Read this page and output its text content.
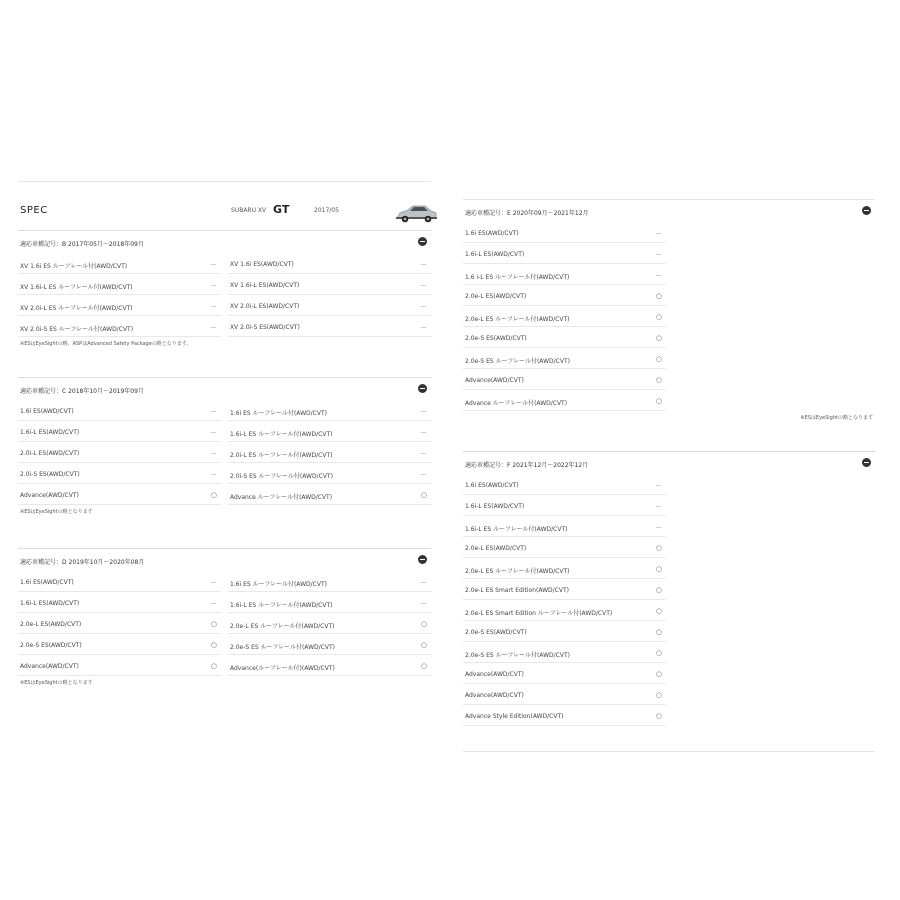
SPEC	SUBARU XV GT	2017/05
適応車種記号：B 2017年05月～2018年09月
XV 1.6i ES ルーフレール付(AWD/CVT)	－ XV 1.6i ES(AWD/CVT)	－
XV 1.6i-L ES ルーフレール付(AWD/CVT)	－ XV 1.6i-L ES(AWD/CVT)	－
XV 2.0i-L ES ルーフレール付(AWD/CVT)	－ XV 2.0i-L ES(AWD/CVT)	－
XV 2.0i-S ES ルーフレール付(AWD/CVT)	－ XV 2.0i-S ES(AWD/CVT)	－
※ESはEyeSightの略、ASPはAdvanced Safety Packageの略となります。
適応車種記号：C 2018年10月～2019年09月
1.6i ES(AWD/CVT)	－ 1.6i ES ルーフレール付(AWD/CVT)	－
1.6i-L ES(AWD/CVT)	－ 1.6i-L ES ルーフレール付(AWD/CVT)	－
2.0i-L ES(AWD/CVT)	－ 2.0i-L ES ルーフレール付(AWD/CVT)	－
2.0i-S ES(AWD/CVT)	－ 2.0i-S ES ルーフレール付(AWD/CVT)	－
Advance(AWD/CVT)	○ Advance ルーフレール付(AWD/CVT)	○
※ESはEyeSightの略となります
適応車種記号：D 2019年10月～2020年08月
1.6i ES(AWD/CVT)	－ 1.6i ES ルーフレール付(AWD/CVT)	－
1.6i-L ES(AWD/CVT)	－ 1.6i-L ES ルーフレール付(AWD/CVT)	－
2.0e-L ES(AWD/CVT)	○ 2.0e-L ES ルーフレール付(AWD/CVT)	○
2.0e-S ES(AWD/CVT)	○ 2.0e-S ES ルーフレール付(AWD/CVT)	○
Advance(AWD/CVT)	○ Advance(ルーフレール付)(AWD/CVT)	○
※ESはEyeSightの略となります
適応車種記号：E 2020年09月～2021年12月
1.6i ES(AWD/CVT)	－
1.6i-L ES(AWD/CVT)	－
1.6 i-L ES ルーフレール付(AWD/CVT)	－
2.0e-L ES(AWD/CVT)	○
2.0e-L ES ルーフレール付(AWD/CVT)	○
2.0e-S ES(AWD/CVT)	○
2.0e-S ES ルーフレール付(AWD/CVT)	○
Advance(AWD/CVT)	○
Advance ルーフレール付(AWD/CVT)	○
※ESはEyeSightの略となります
適応車種記号：F 2021年12月～2022年12月
1.6i ES(AWD/CVT)	－
1.6i-L ES(AWD/CVT)	－
1.6i-L ES ルーフレール付(AWD/CVT)	－
2.0e-L ES(AWD/CVT)	○
2.0e-L ES ルーフレール付(AWD/CVT)	○
2.0e-L ES Smart Edition(AWD/CVT)	○
2.0e-L ES Smart Edition ルーフレール付(AWD/CVT)	○
2.0e-S ES(AWD/CVT)	○
2.0e-S ES ルーフレール付(AWD/CVT)	○
Advance(AWD/CVT)	○
Advance(AWD/CVT)	○
Advance Style Edition(AWD/CVT)	○
